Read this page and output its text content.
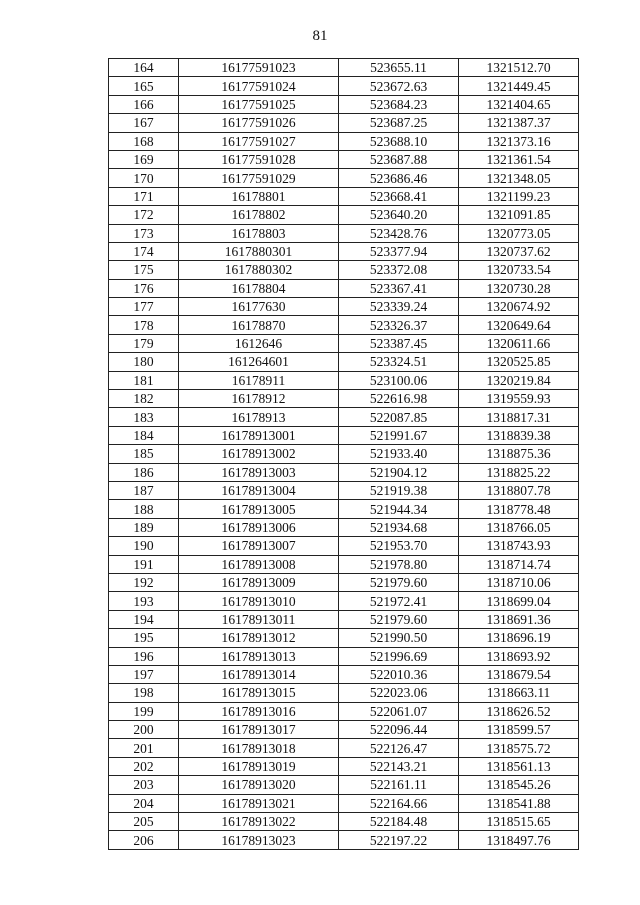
81
164	16177591023	523655.11	1321512.70
165	16177591024	523672.63	1321449.45
166	16177591025	523684.23	1321404.65
167	16177591026	523687.25	1321387.37
168	16177591027	523688.10	1321373.16
169	16177591028	523687.88	1321361.54
170	16177591029	523686.46	1321348.05
171	16178801	523668.41	1321199.23
172	16178802	523640.20	1321091.85
173	16178803	523428.76	1320773.05
174	1617880301	523377.94	1320737.62
175	1617880302	523372.08	1320733.54
176	16178804	523367.41	1320730.28
177	16177630	523339.24	1320674.92
178	16178870	523326.37	1320649.64
179	1612646	523387.45	1320611.66
180	161264601	523324.51	1320525.85
181	16178911	523100.06	1320219.84
182	16178912	522616.98	1319559.93
183	16178913	522087.85	1318817.31
184	16178913001	521991.67	1318839.38
185	16178913002	521933.40	1318875.36
186	16178913003	521904.12	1318825.22
187	16178913004	521919.38	1318807.78
188	16178913005	521944.34	1318778.48
189	16178913006	521934.68	1318766.05
190	16178913007	521953.70	1318743.93
191	16178913008	521978.80	1318714.74
192	16178913009	521979.60	1318710.06
193	16178913010	521972.41	1318699.04
194	16178913011	521979.60	1318691.36
195	16178913012	521990.50	1318696.19
196	16178913013	521996.69	1318693.92
197	16178913014	522010.36	1318679.54
198	16178913015	522023.06	1318663.11
199	16178913016	522061.07	1318626.52
200	16178913017	522096.44	1318599.57
201	16178913018	522126.47	1318575.72
202	16178913019	522143.21	1318561.13
203	16178913020	522161.11	1318545.26
204	16178913021	522164.66	1318541.88
205	16178913022	522184.48	1318515.65
206	16178913023	522197.22	1318497.76
